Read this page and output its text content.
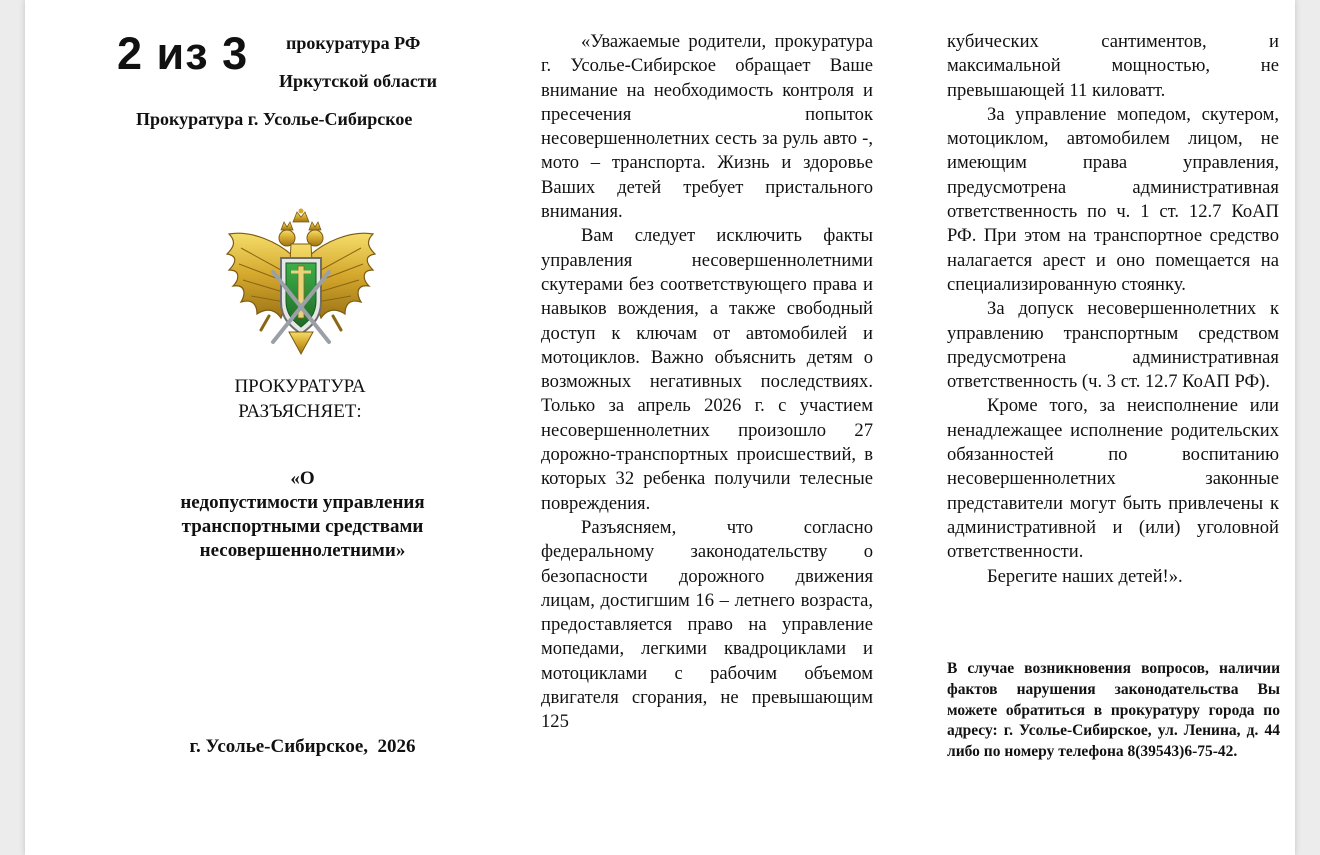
2 из 3 прокуратура РФ
Иркутской области
Прокуратура г. Усолье-Сибирское
ПРОКУРАТУРА
РАЗЪЯСНЯЕТ:
«О
недопустимости управления
транспортными средствами
несовершеннолетними»
г. Усолье-Сибирское,  2026

«Уважаемые родители, прокуратура г. Усолье-Сибирское обращает Ваше внимание на необходимость контроля и пресечения попыток несовершеннолетних сесть за руль авто -, мото – транспорта. Жизнь и здоровье Ваших детей требует пристального внимания.

Вам следует исключить факты управления несовершеннолетними скутерами без соответствующего права и навыков вождения, а также свободный доступ к ключам от автомобилей и мотоциклов. Важно объяснить детям о возможных негативных последствиях. Только за апрель 2026 г. с участием несовершеннолетних произошло 27 дорожно-транспортных происшествий, в которых 32 ребенка получили телесные повреждения.

Разъясняем, что согласно федеральному законодательству о безопасности дорожного движения лицам, достигшим 16 – летнего возраста, предоставляется право на управление мопедами, легкими квадроциклами и мотоциклами с рабочим объемом двигателя сгорания, не превышающим 125

кубических сантиментов, и максимальной мощностью, не превышающей 11 киловатт.

За управление мопедом, скутером, мотоциклом, автомобилем лицом, не имеющим права управления, предусмотрена административная ответственность по ч. 1 ст. 12.7 КоАП РФ. При этом на транспортное средство налагается арест и оно помещается на специализированную стоянку.

За допуск несовершеннолетних к управлению транспортным средством предусмотрена административная ответственность (ч. 3 ст. 12.7 КоАП РФ).

Кроме того, за неисполнение или ненадлежащее исполнение родительских обязанностей по воспитанию несовершеннолетних законные представители могут быть привлечены к административной и (или) уголовной ответственности.

Берегите наших детей!».

В случае возникновения вопросов, наличии фактов нарушения законодательства Вы можете обратиться в прокуратуру города по адресу: г. Усолье-Сибирское, ул. Ленина, д. 44 либо по номеру телефона 8(39543)6-75-42.
